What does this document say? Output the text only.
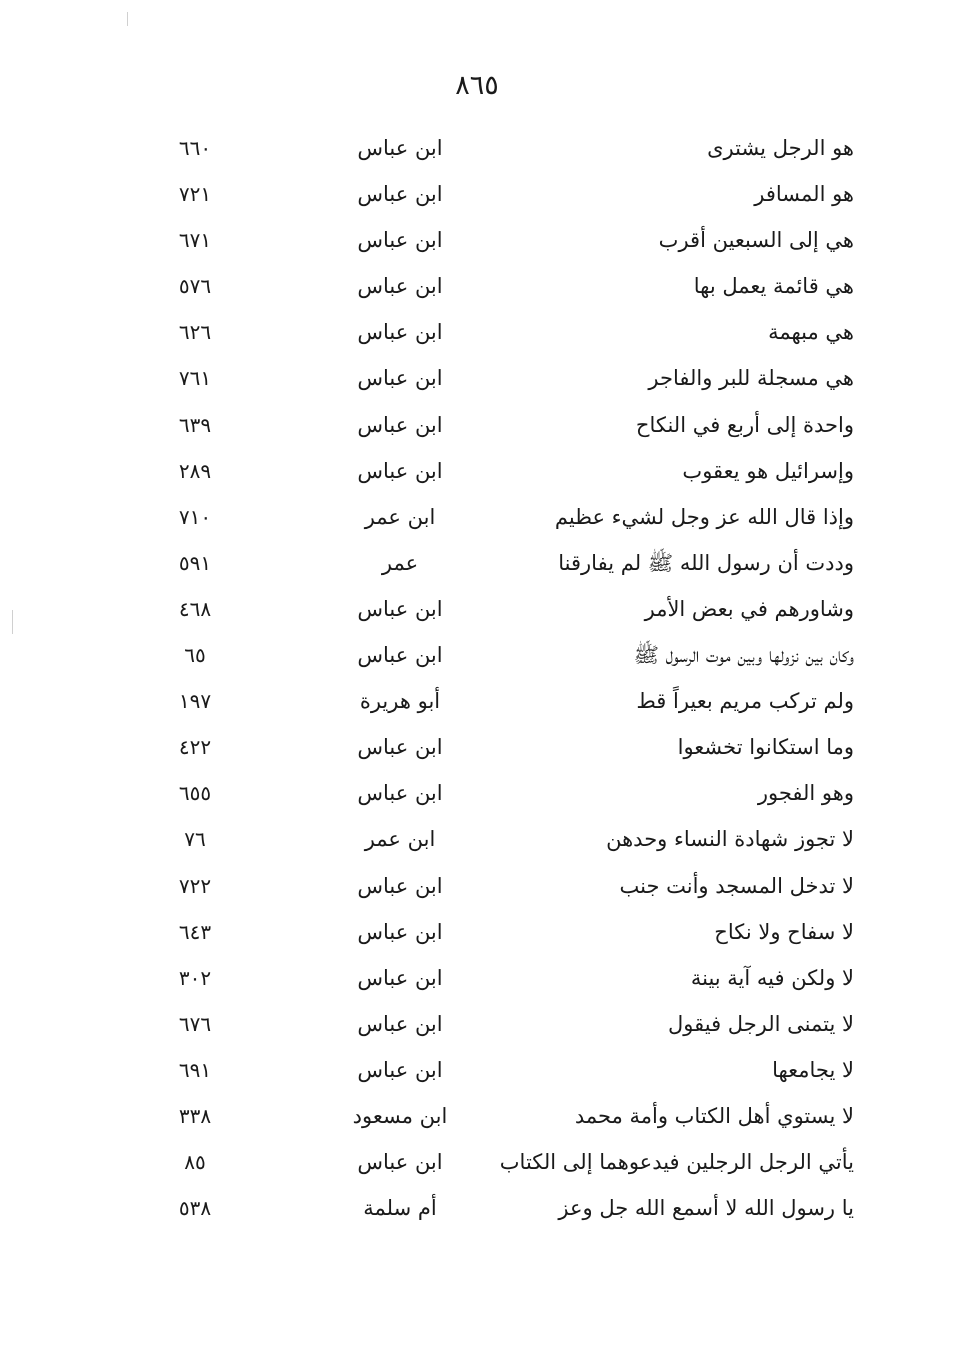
٨٦٥
هو الرجل يشترى
ابن عباس
٦٦٠
هو المسافر
ابن عباس
٧٢١
هي إلى السبعين أقرب
ابن عباس
٦٧١
هي قائمة يعمل بها
ابن عباس
٥٧٦
هي مبهمة
ابن عباس
٦٢٦
هي مسجلة للبر والفاجر
ابن عباس
٧٦١
واحدة إلى أربع في النكاح
ابن عباس
٦٣٩
وإسرائيل هو يعقوب
ابن عباس
٢٨٩
وإذا قال الله عز وجل لشيء عظيم
ابن عمر
٧١٠
وددت أن رسول الله ﷺ لم يفارقنا
عمر
٥٩١
وشاورهم في بعض الأمر
ابن عباس
٤٦٨
وكان بين نزولها وبين موت الرسول ﷺ
ابن عباس
٦٥
ولم تركب مريم بعيراً قط
أبو هريرة
١٩٧
وما استكانوا تخشعوا
ابن عباس
٤٢٢
وهو الفجور
ابن عباس
٦٥٥
لا تجوز شهادة النساء وحدهن
ابن عمر
٧٦
لا تدخل المسجد وأنت جنب
ابن عباس
٧٢٢
لا سفاح ولا نكاح
ابن عباس
٦٤٣
لا ولكن فيه آية بينة
ابن عباس
٣٠٢
لا يتمنى الرجل فيقول
ابن عباس
٦٧٦
لا يجامعها
ابن عباس
٦٩١
لا يستوي أهل الكتاب وأمة محمد
ابن مسعود
٣٣٨
يأتي الرجل الرجلين فيدعوهما إلى الكتاب
ابن عباس
٨٥
يا رسول الله لا أسمع الله جل وعز
أم سلمة
٥٣٨
